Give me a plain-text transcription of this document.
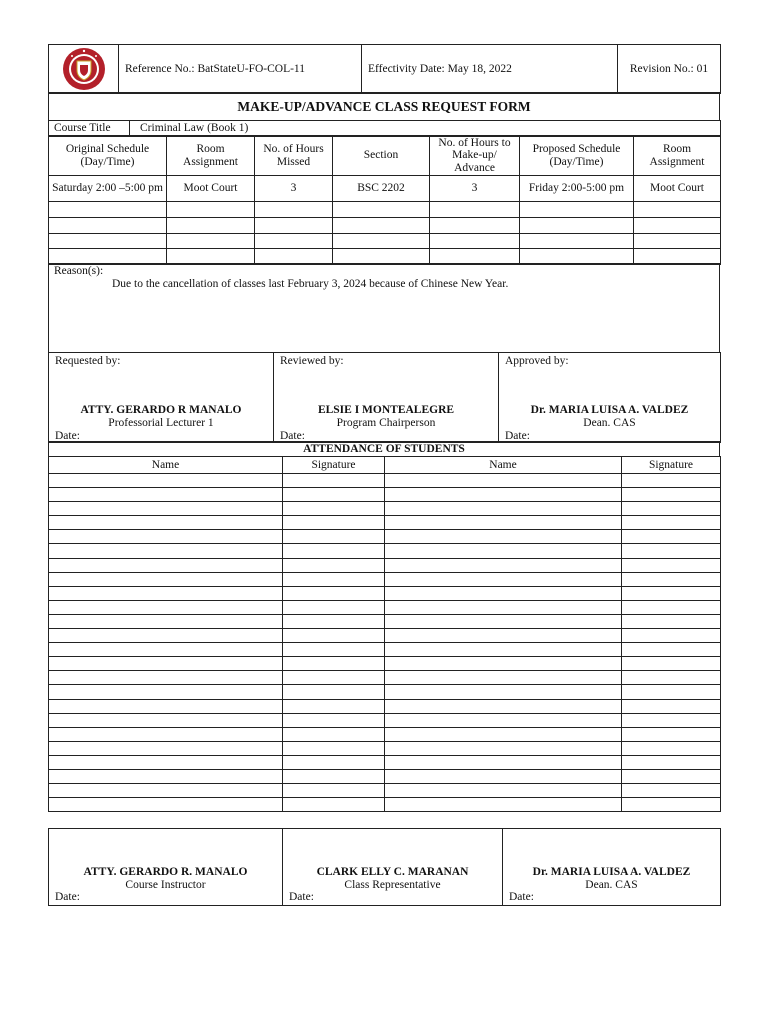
	Reference No.: BatStateU-FO-COL-11	Effectivity Date: May 18, 2022	Revision No.: 01
MAKE-UP/ADVANCE CLASS REQUEST FORM
Course Title	Criminal Law (Book 1)
Original Schedule (Day/Time)	Room Assignment	No. of Hours Missed	Section	No. of Hours to Make-up/ Advance	Proposed Schedule (Day/Time)	Room Assignment
Saturday 2:00 –5:00 pm	Moot Court	3	BSC 2202	3	Friday 2:00-5:00 pm	Moot Court

Reason(s):
Due to the cancellation of classes last February 3, 2024 because of Chinese New Year.
Requested by:
ATTY. GERARDO R MANALO
Professorial Lecturer 1
Date:

Reviewed by:
ELSIE I MONTEALEGRE
Program Chairperson
Date:

Approved by:
Dr. MARIA LUISA A. VALDEZ
Dean. CAS
Date:
ATTENDANCE OF STUDENTS
Name	Signature	Name	Signature

ATTY. GERARDO R. MANALO
Course Instructor
Date:

CLARK ELLY C. MARANAN
Class Representative
Date:

Dr. MARIA LUISA A. VALDEZ
Dean. CAS
Date:
